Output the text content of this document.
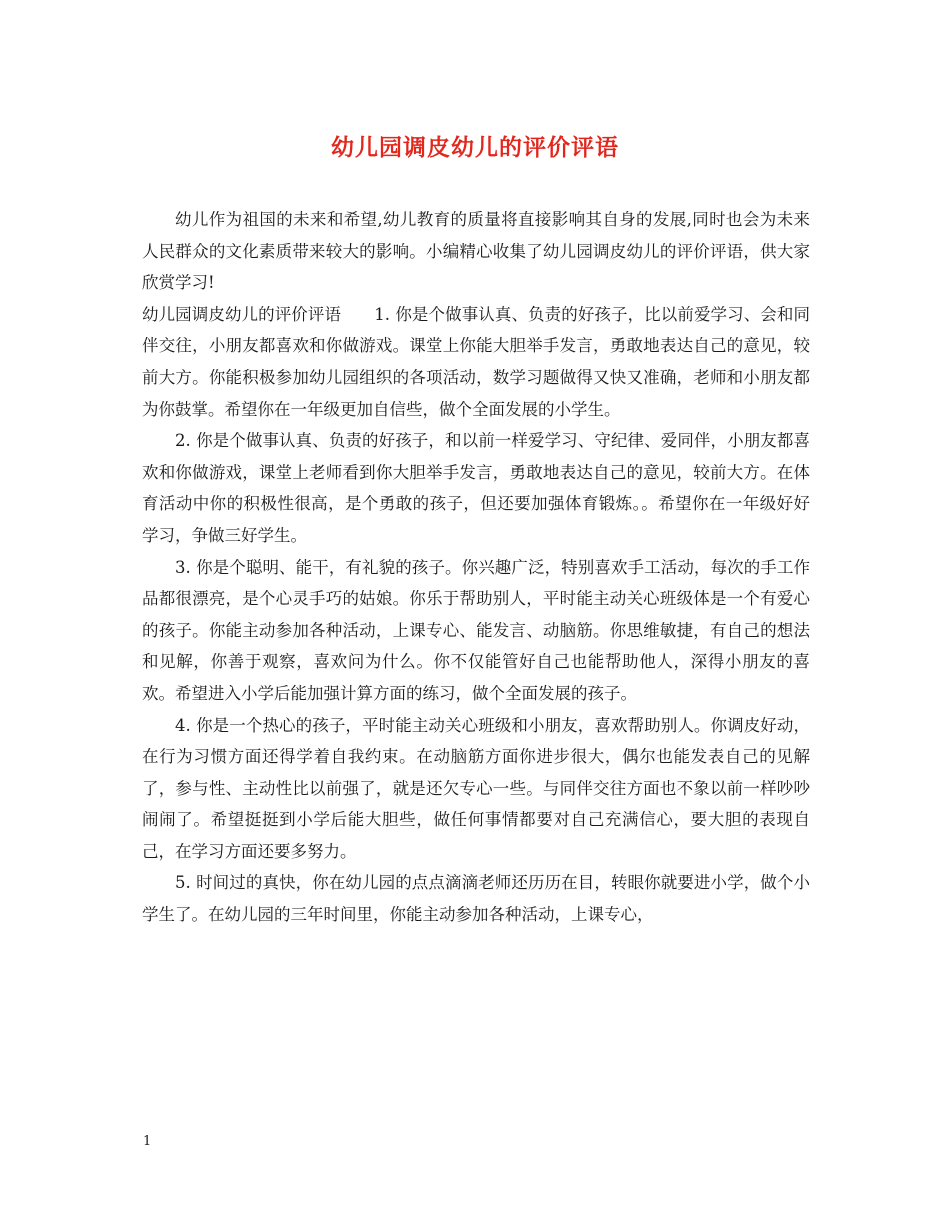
幼儿园调皮幼儿的评价评语

幼儿作为祖国的未来和希望,幼儿教育的质量将直接影响其自身的发展,同时也会为未来人民群众的文化素质带来较大的影响。小编精心收集了幼儿园调皮幼儿的评价评语，供大家欣赏学习!

幼儿园调皮幼儿的评价评语　　1. 你是个做事认真、负责的好孩子，比以前爱学习、会和同伴交往，小朋友都喜欢和你做游戏。课堂上你能大胆举手发言，勇敢地表达自己的意见，较前大方。你能积极参加幼儿园组织的各项活动，数学习题做得又快又准确，老师和小朋友都为你鼓掌。希望你在一年级更加自信些，做个全面发展的小学生。

2. 你是个做事认真、负责的好孩子，和以前一样爱学习、守纪律、爱同伴，小朋友都喜欢和你做游戏，课堂上老师看到你大胆举手发言，勇敢地表达自己的意见，较前大方。在体育活动中你的积极性很高，是个勇敢的孩子，但还要加强体育锻炼。。希望你在一年级好好学习，争做三好学生。

3. 你是个聪明、能干，有礼貌的孩子。你兴趣广泛，特别喜欢手工活动，每次的手工作品都很漂亮，是个心灵手巧的姑娘。你乐于帮助别人，平时能主动关心班级体是一个有爱心的孩子。你能主动参加各种活动，上课专心、能发言、动脑筋。你思维敏捷，有自己的想法和见解，你善于观察，喜欢问为什么。你不仅能管好自己也能帮助他人，深得小朋友的喜欢。希望进入小学后能加强计算方面的练习，做个全面发展的孩子。

4. 你是一个热心的孩子，平时能主动关心班级和小朋友，喜欢帮助别人。你调皮好动，在行为习惯方面还得学着自我约束。在动脑筋方面你进步很大，偶尔也能发表自己的见解了，参与性、主动性比以前强了，就是还欠专心一些。与同伴交往方面也不象以前一样吵吵闹闹了。希望挺挺到小学后能大胆些，做任何事情都要对自己充满信心，要大胆的表现自己，在学习方面还要多努力。

5. 时间过的真快，你在幼儿园的点点滴滴老师还历历在目，转眼你就要进小学，做个小学生了。在幼儿园的三年时间里，你能主动参加各种活动，上课专心，

1
